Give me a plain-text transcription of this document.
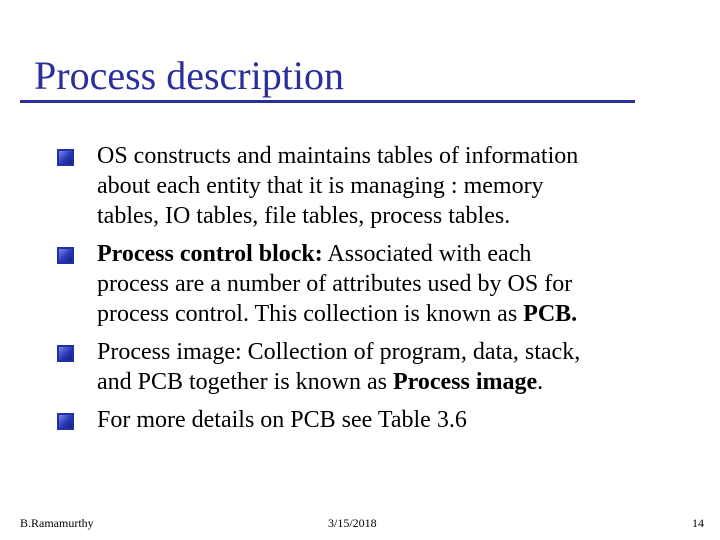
Process description
OS constructs and maintains tables of information
about each entity that it is managing : memory
tables, IO tables, file tables, process tables.
Process control block: Associated with each
process are a number of attributes used by OS for
process control. This collection is known as PCB.
Process image: Collection of program, data, stack,
and PCB together is known as Process image.
For more details on PCB see Table 3.6
B.Ramamurthy	3/15/2018	14
